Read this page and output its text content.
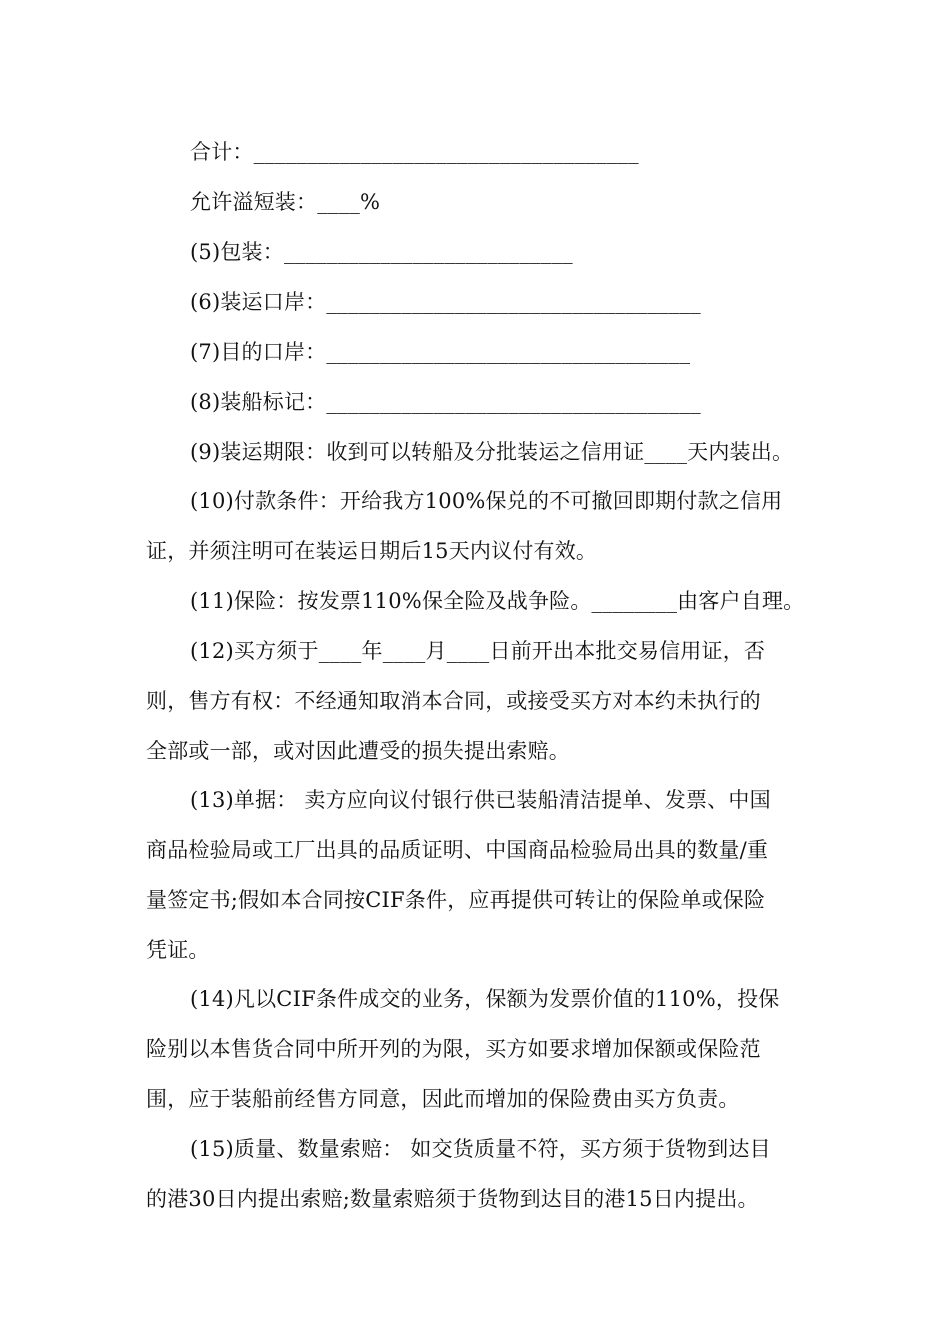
合计：____________________________________
允许溢短装：____%
(5)包装：___________________________
(6)装运口岸：___________________________________
(7)目的口岸：__________________________________
(8)装船标记：___________________________________
(9)装运期限：收到可以转船及分批装运之信用证____天内装出。
(10)付款条件：开给我方100%保兑的不可撤回即期付款之信用
证，并须注明可在装运日期后15天内议付有效。
(11)保险：按发票110%保全险及战争险。________由客户自理。
(12)买方须于____年____月____日前开出本批交易信用证，否
则，售方有权：不经通知取消本合同，或接受买方对本约未执行的
全部或一部，或对因此遭受的损失提出索赔。
(13)单据： 卖方应向议付银行供已装船清洁提单、发票、中国
商品检验局或工厂出具的品质证明、中国商品检验局出具的数量/重
量签定书;假如本合同按CIF条件，应再提供可转让的保险单或保险
凭证。
(14)凡以CIF条件成交的业务，保额为发票价值的110%，投保
险别以本售货合同中所开列的为限，买方如要求增加保额或保险范
围，应于装船前经售方同意，因此而增加的保险费由买方负责。
(15)质量、数量索赔： 如交货质量不符，买方须于货物到达目
的港30日内提出索赔;数量索赔须于货物到达目的港15日内提出。
